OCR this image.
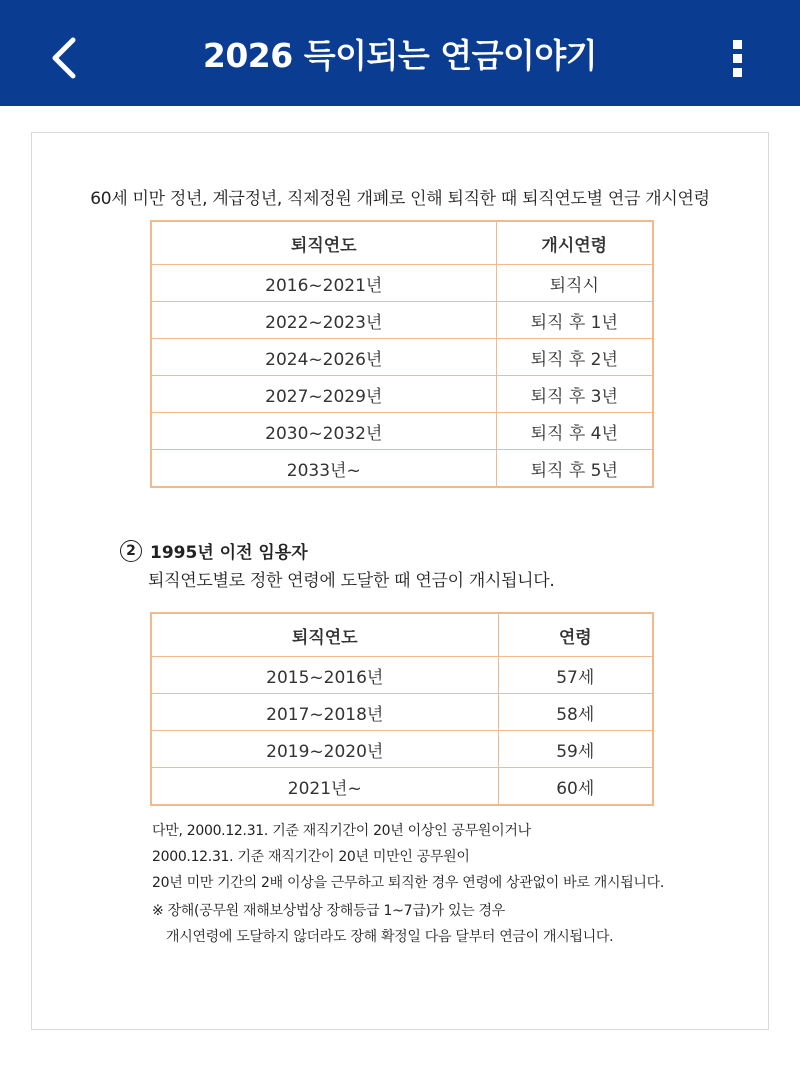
2026 득이되는 연금이야기
60세 미만 정년, 계급정년, 직제정원 개폐로 인해 퇴직한 때 퇴직연도별 연금 개시연령
퇴직연도	개시연령
2016~2021년	퇴직시
2022~2023년	퇴직 후 1년
2024~2026년	퇴직 후 2년
2027~2029년	퇴직 후 3년
2030~2032년	퇴직 후 4년
2033년~	퇴직 후 5년
2 1995년 이전 임용자
퇴직연도별로 정한 연령에 도달한 때 연금이 개시됩니다.
퇴직연도	연령
2015~2016년	57세
2017~2018년	58세
2019~2020년	59세
2021년~	60세
다만, 2000.12.31. 기준 재직기간이 20년 이상인 공무원이거나
2000.12.31. 기준 재직기간이 20년 미만인 공무원이
20년 미만 기간의 2배 이상을 근무하고 퇴직한 경우 연령에 상관없이 바로 개시됩니다.
※ 장해(공무원 재해보상법상 장해등급 1~7급)가 있는 경우
개시연령에 도달하지 않더라도 장해 확정일 다음 달부터 연금이 개시됩니다.
